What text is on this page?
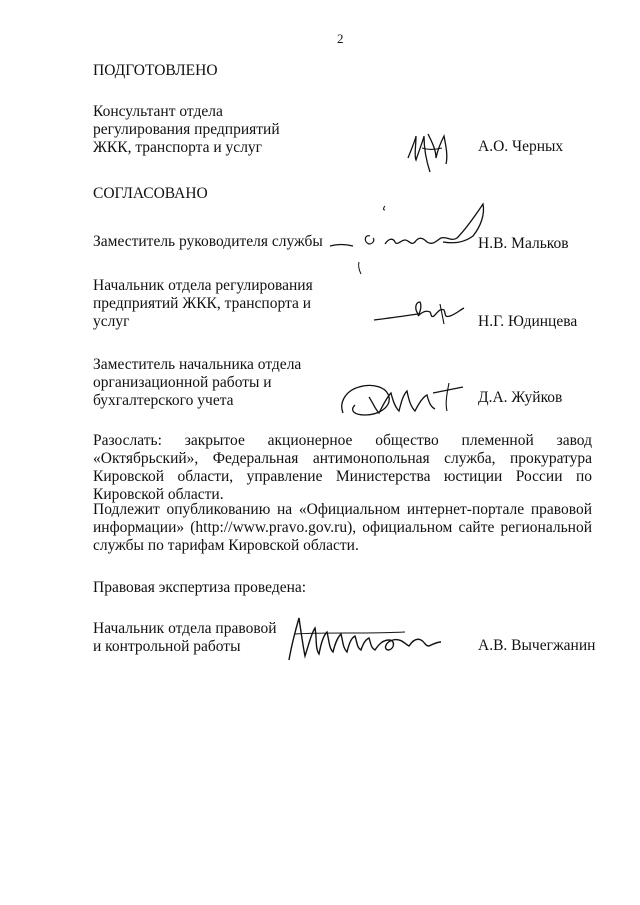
2
ПОДГОТОВЛЕНО
Консультант отдела
регулирования предприятий
ЖКК, транспорта и услуг	А.О. Черных
СОГЛАСОВАНО
Заместитель руководителя службы	Н.В. Мальков
Начальник отдела регулирования
предприятий ЖКК, транспорта и
услуг	Н.Г. Юдинцева
Заместитель начальника отдела
организационной работы и
бухгалтерского учета	Д.А. Жуйков
Разослать: закрытое акционерное общество племенной завод «Октябрьский», Федеральная антимонопольная служба, прокуратура Кировской области, управление Министерства юстиции России по Кировской области.
Подлежит опубликованию на «Официальном интернет-портале правовой информации» (http://www.pravo.gov.ru), официальном сайте региональной службы по тарифам Кировской области.
Правовая экспертиза проведена:
Начальник отдела правовой
и контрольной работы	А.В. Вычегжанин
